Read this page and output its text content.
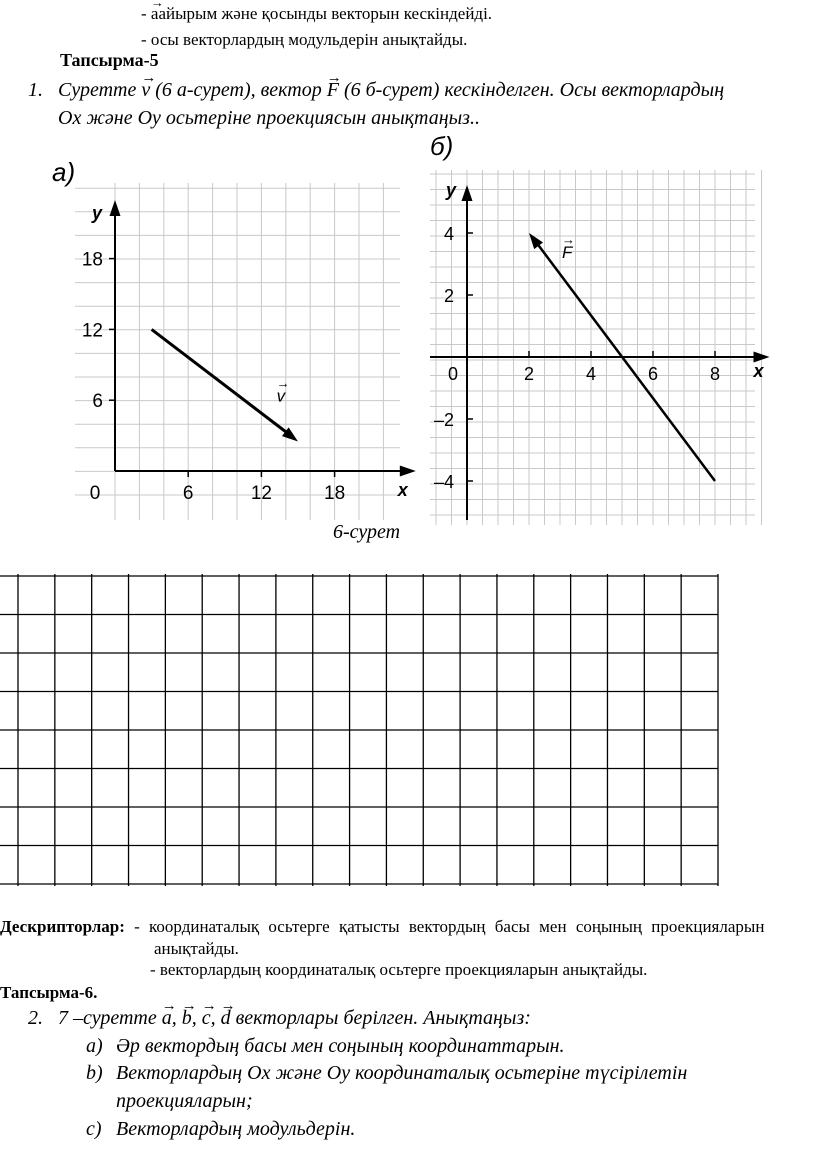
- → aайырым және қосынды векторын кескіндейді.
- осы векторлардың модульдерін анықтайды.
Тапсырма-5
1. Суретте → v (6 а-сурет), вектор → F (6 б-сурет) кескінделген. Осы векторлардың
Ox және Oy осьтеріне проекциясын анықтаңыз..
а)
y
x
0	6	12	18
6
12
18
v
→
б)
y
x
0	2	4	6	8
4
2
–2
–4
F
→
6-сурет
Дескрипторлар: - координаталық осьтерге қатысты вектордың басы мен соңының проекцияларын
анықтайды.
- векторлардың координаталық осьтерге проекцияларын анықтайды.
Тапсырма-6.
2. 7 –суретте → a, → b, → c, → d векторлары берілген. Анықтаңыз:
a) Әр вектордың басы мен соңының координаттарын.
b) Векторлардың Ox және Oy координаталық осьтеріне түсірілетін
проекцияларын;
c) Векторлардың модульдерін.
